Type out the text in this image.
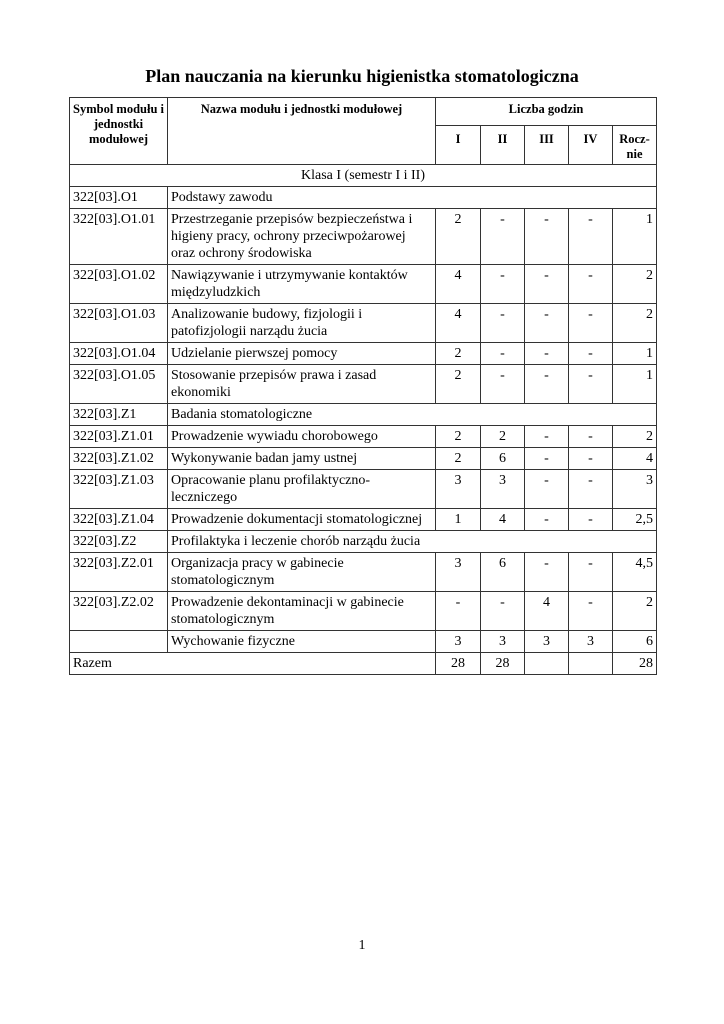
Plan nauczania na kierunku higienistka stomatologiczna
Symbol modułu i jednostki modułowej	Nazwa modułu i jednostki modułowej	Liczba godzin				
		I	II	III	IV	Rocz-nie
Klasa I (semestr I i II)						
322[03].O1	Podstawy zawodu					
322[03].O1.01	Przestrzeganie przepisów bezpieczeństwa i higieny pracy, ochrony przeciwpożarowej oraz ochrony środowiska	2	-	-	-	1
322[03].O1.02	Nawiązywanie i utrzymywanie kontaktów międzyludzkich	4	-	-	-	2
322[03].O1.03	Analizowanie budowy, fizjologii i patofizjologii narządu żucia	4	-	-	-	2
322[03].O1.04	Udzielanie pierwszej pomocy	2	-	-	-	1
322[03].O1.05	Stosowanie przepisów prawa i zasad ekonomiki	2	-	-	-	1
322[03].Z1	Badania stomatologiczne					
322[03].Z1.01	Prowadzenie wywiadu chorobowego	2	2	-	-	2
322[03].Z1.02	Wykonywanie badan jamy ustnej	2	6	-	-	4
322[03].Z1.03	Opracowanie planu profilaktyczno-leczniczego	3	3	-	-	3
322[03].Z1.04	Prowadzenie dokumentacji stomatologicznej	1	4	-	-	2,5
322[03].Z2	Profilaktyka i leczenie chorób narządu żucia					
322[03].Z2.01	Organizacja pracy w gabinecie stomatologicznym	3	6	-	-	4,5
322[03].Z2.02	Prowadzenie dekontaminacji w gabinecie stomatologicznym	-	-	4	-	2
	Wychowanie fizyczne	3	3	3	3	6
Razem		28	28			28
1
